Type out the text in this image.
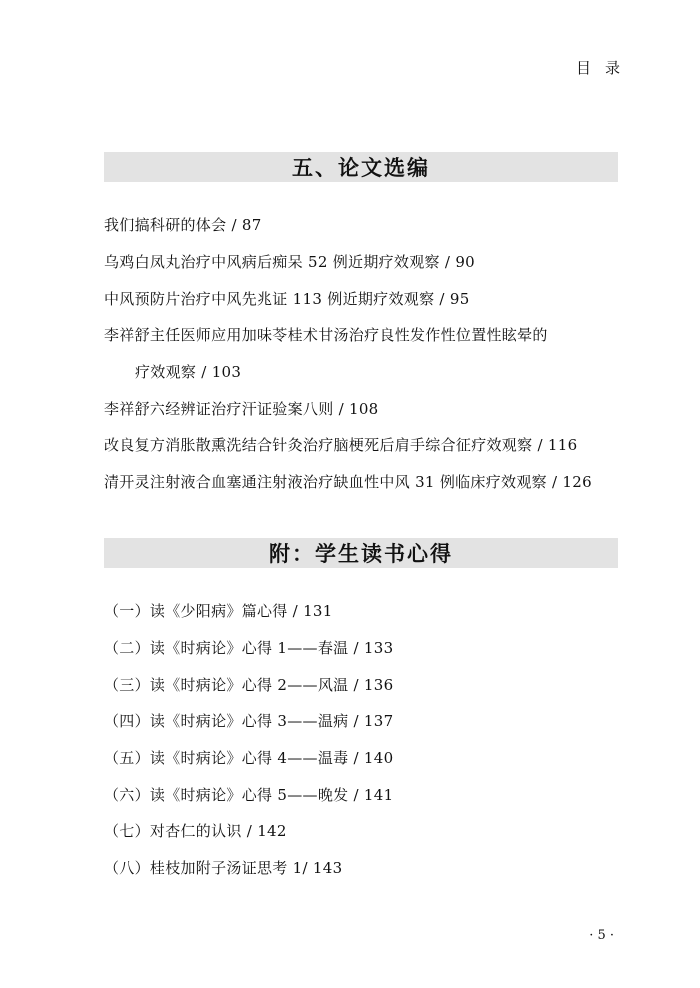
目 录
五、论文选编
我们搞科研的体会 / 87
乌鸡白凤丸治疗中风病后痴呆 52 例近期疗效观察 / 90
中风预防片治疗中风先兆证 113 例近期疗效观察 / 95
李祥舒主任医师应用加味苓桂术甘汤治疗良性发作性位置性眩晕的
疗效观察 / 103
李祥舒六经辨证治疗汗证验案八则 / 108
改良复方消胀散熏洗结合针灸治疗脑梗死后肩手综合征疗效观察 / 116
清开灵注射液合血塞通注射液治疗缺血性中风 31 例临床疗效观察 / 126
附：学生读书心得
（一）读《少阳病》篇心得 / 131
（二）读《时病论》心得 1——春温 / 133
（三）读《时病论》心得 2——风温 / 136
（四）读《时病论》心得 3——温病 / 137
（五）读《时病论》心得 4——温毒 / 140
（六）读《时病论》心得 5——晚发 / 141
（七）对杏仁的认识 / 142
（八）桂枝加附子汤证思考 1/ 143
· 5 ·
